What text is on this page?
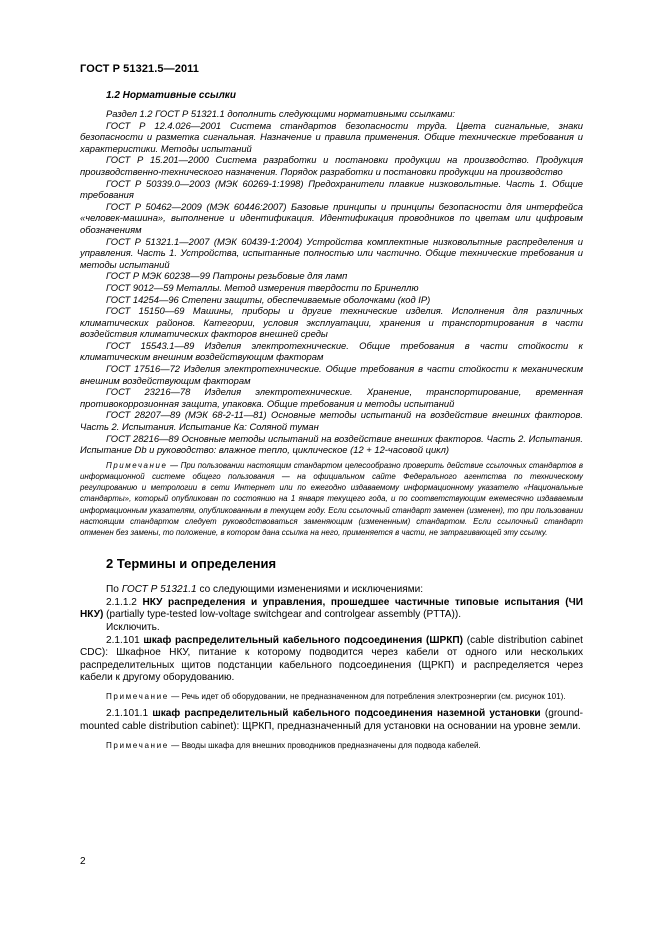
ГОСТ Р 51321.5—2011
1.2 Нормативные ссылки

Раздел 1.2 ГОСТ Р 51321.1 дополнить следующими нормативными ссылками:

ГОСТ Р 12.4.026—2001 Система стандартов безопасности труда. Цвета сигнальные, знаки безопасности и разметка сигнальная. Назначение и правила применения. Общие технические требования и характеристики. Методы испытаний

ГОСТ Р 15.201—2000 Система разработки и постановки продукции на производство. Продукция производственно-технического назначения. Порядок разработки и постановки продукции на производство

ГОСТ Р 50339.0—2003 (МЭК 60269-1:1998) Предохранители плавкие низковольтные. Часть 1. Общие требования

ГОСТ Р 50462—2009 (МЭК 60446:2007) Базовые принципы и принципы безопасности для интерфейса «человек-машина», выполнение и идентификация. Идентификация проводников по цветам или цифровым обозначениям

ГОСТ Р 51321.1—2007 (МЭК 60439-1:2004) Устройства комплектные низковольтные распределения и управления. Часть 1. Устройства, испытанные полностью или частично. Общие технические требования и методы испытаний

ГОСТ Р МЭК 60238—99 Патроны резьбовые для ламп

ГОСТ 9012—59 Металлы. Метод измерения твердости по Бринеллю

ГОСТ 14254—96 Степени защиты, обеспечиваемые оболочками (код IP)

ГОСТ 15150—69 Машины, приборы и другие технические изделия. Исполнения для различных климатических районов. Категории, условия эксплуатации, хранения и транспортирования в части воздействия климатических факторов внешней среды

ГОСТ 15543.1—89 Изделия электротехнические. Общие требования в части стойкости к климатическим внешним воздействующим факторам

ГОСТ 17516—72 Изделия электротехнические. Общие требования в части стойкости к механическим внешним воздействующим факторам

ГОСТ 23216—78 Изделия электротехнические. Хранение, транспортирование, временная противокоррозионная защита, упаковка. Общие требования и методы испытаний

ГОСТ 28207—89 (МЭК 68-2-11—81) Основные методы испытаний на воздействие внешних факторов. Часть 2. Испытания. Испытание Ка: Соляной туман

ГОСТ 28216—89 Основные методы испытаний на воздействие внешних факторов. Часть 2. Испытания. Испытание Db и руководство: влажное тепло, циклическое (12 + 12-часовой цикл)

Примечание — При пользовании настоящим стандартом целесообразно проверить действие ссылочных стандартов в информационной системе общего пользования — на официальном сайте Федерального агентства по техническому регулированию и метрологии в сети Интернет или по ежегодно издаваемому информационному указателю «Национальные стандарты», который опубликован по состоянию на 1 января текущего года, и по соответствующим ежемесячно издаваемым информационным указателям, опубликованным в текущем году. Если ссылочный стандарт заменен (изменен), то при пользовании настоящим стандартом следует руководствоваться заменяющим (измененным) стандартом. Если ссылочный стандарт отменен без замены, то положение, в котором дана ссылка на него, применяется в части, не затрагивающей эту ссылку.

2 Термины и определения

По ГОСТ Р 51321.1 со следующими изменениями и исключениями:

2.1.1.2 НКУ распределения и управления, прошедшее частичные типовые испытания (ЧИ НКУ) (partially type-tested low-voltage switchgear and controlgear assembly (PTTA)).

Исключить.

2.1.101 шкаф распределительный кабельного подсоединения (ШРКП) (cable distribution cabinet CDC): Шкафное НКУ, питание к которому подводится через кабели от одного или нескольких распределительных щитов подстанции кабельного подсоединения (ЩРКП) и распределяется через кабели к другому оборудованию.

Примечание — Речь идет об оборудовании, не предназначенном для потребления электроэнергии (см. рисунок 101).

2.1.101.1 шкаф распределительный кабельного подсоединения наземной установки (ground-mounted cable distribution cabinet): ЩРКП, предназначенный для установки на основании на уровне земли.

Примечание — Вводы шкафа для внешних проводников предназначены для подвода кабелей.

2
